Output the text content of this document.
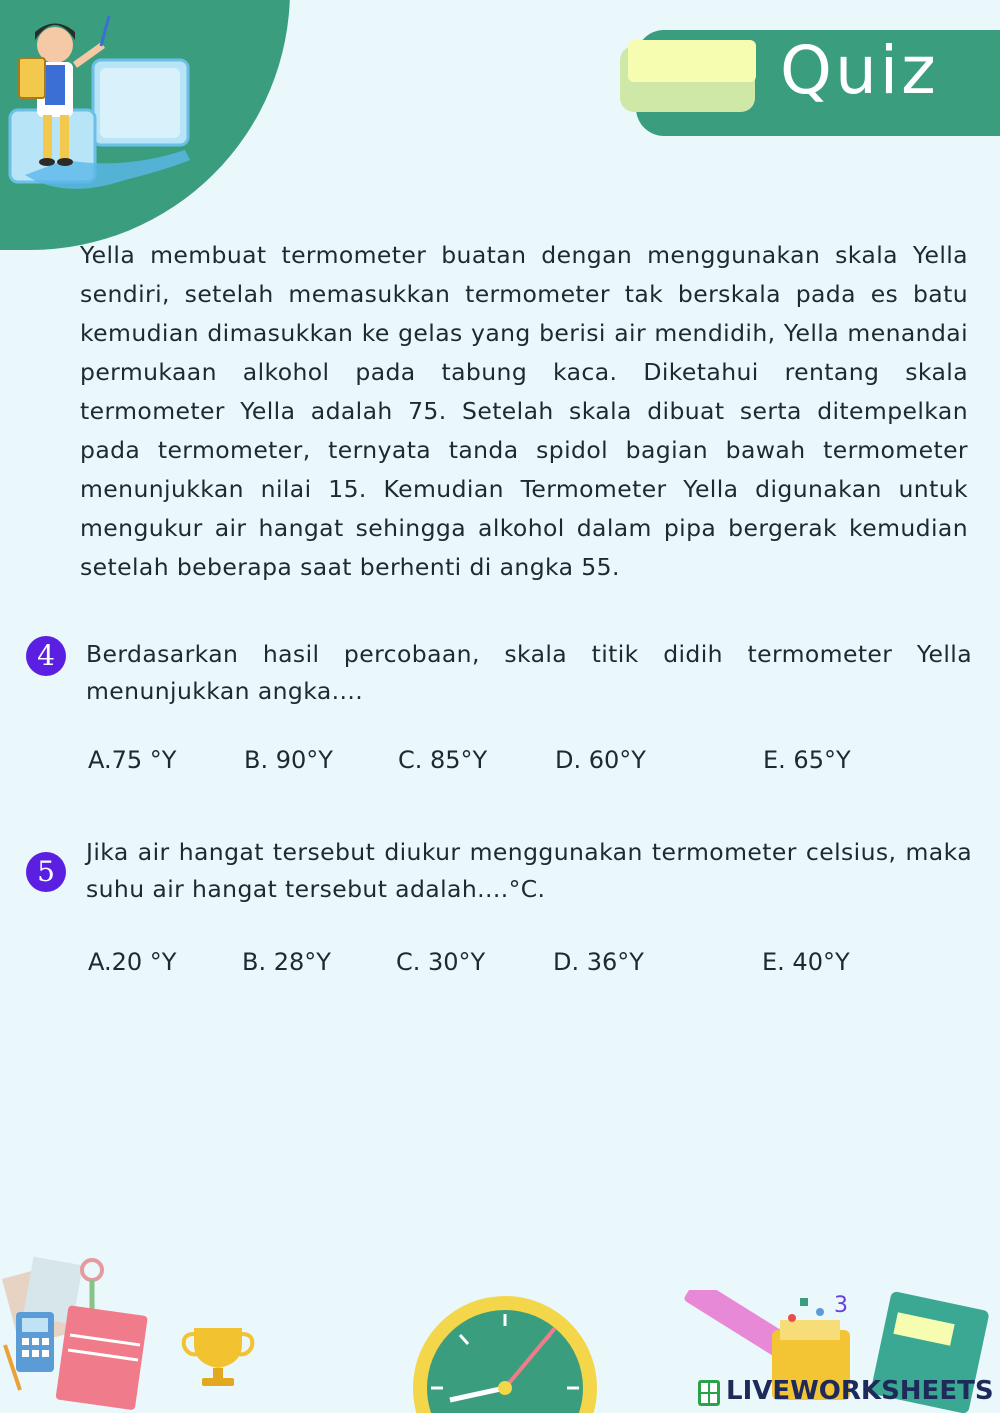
Quiz
Yella membuat termometer buatan dengan menggunakan skala Yella sendiri, setelah memasukkan termometer tak berskala pada es batu kemudian dimasukkan ke gelas yang berisi air mendidih, Yella menandai permukaan alkohol pada tabung kaca. Diketahui rentang skala termometer Yella adalah 75. Setelah skala dibuat serta ditempelkan pada termometer, ternyata tanda spidol bagian bawah termometer menunjukkan nilai 15. Kemudian Termometer Yella digunakan untuk mengukur air hangat sehingga alkohol dalam pipa bergerak kemudian setelah beberapa saat berhenti di angka 55.
4	Berdasarkan hasil percobaan, skala titik didih termometer Yella menunjukkan angka....
A.75 °Y	B. 90°Y	C. 85°Y	D. 60°Y	E. 65°Y
5
Jika air hangat tersebut diukur menggunakan termometer celsius, maka suhu air hangat tersebut adalah....°C.
A.20 °Y	B. 28°Y	C. 30°Y	D. 36°Y	E. 40°Y
3
LIVEWORKSHEETS
